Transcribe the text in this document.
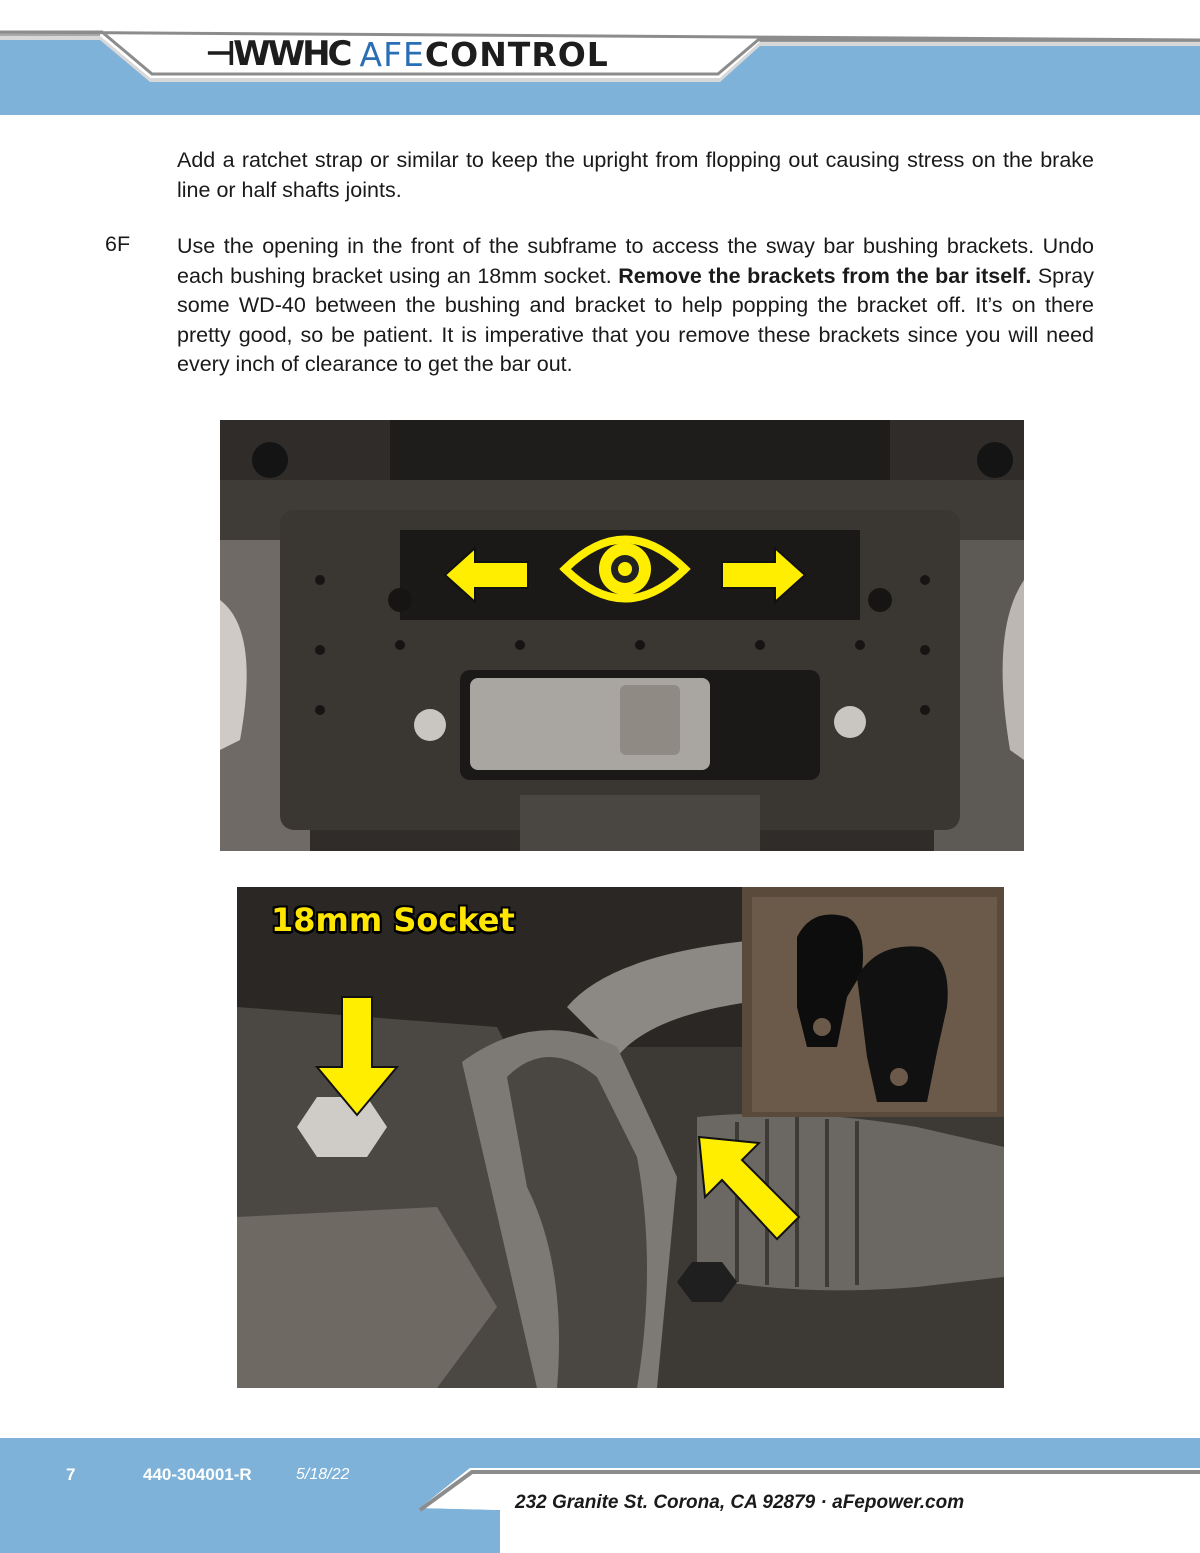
⊣WWHC AFE CONTROL
Add a ratchet strap or similar to keep the upright from flopping out causing stress on the brake line or half shafts joints.
6F Use the opening in the front of the subframe to access the sway bar bushing brackets. Undo each bushing bracket using an 18mm socket. Remove the brackets from the bar itself. Spray some WD-40 between the bushing and bracket to help popping the bracket off. It’s on there pretty good, so be patient. It is imperative that you remove these brackets since you will need every inch of clearance to get the bar out.
18mm Socket
7	440-304001-R	5/18/22
232 Granite St. Corona, CA 92879 · aFepower.com
